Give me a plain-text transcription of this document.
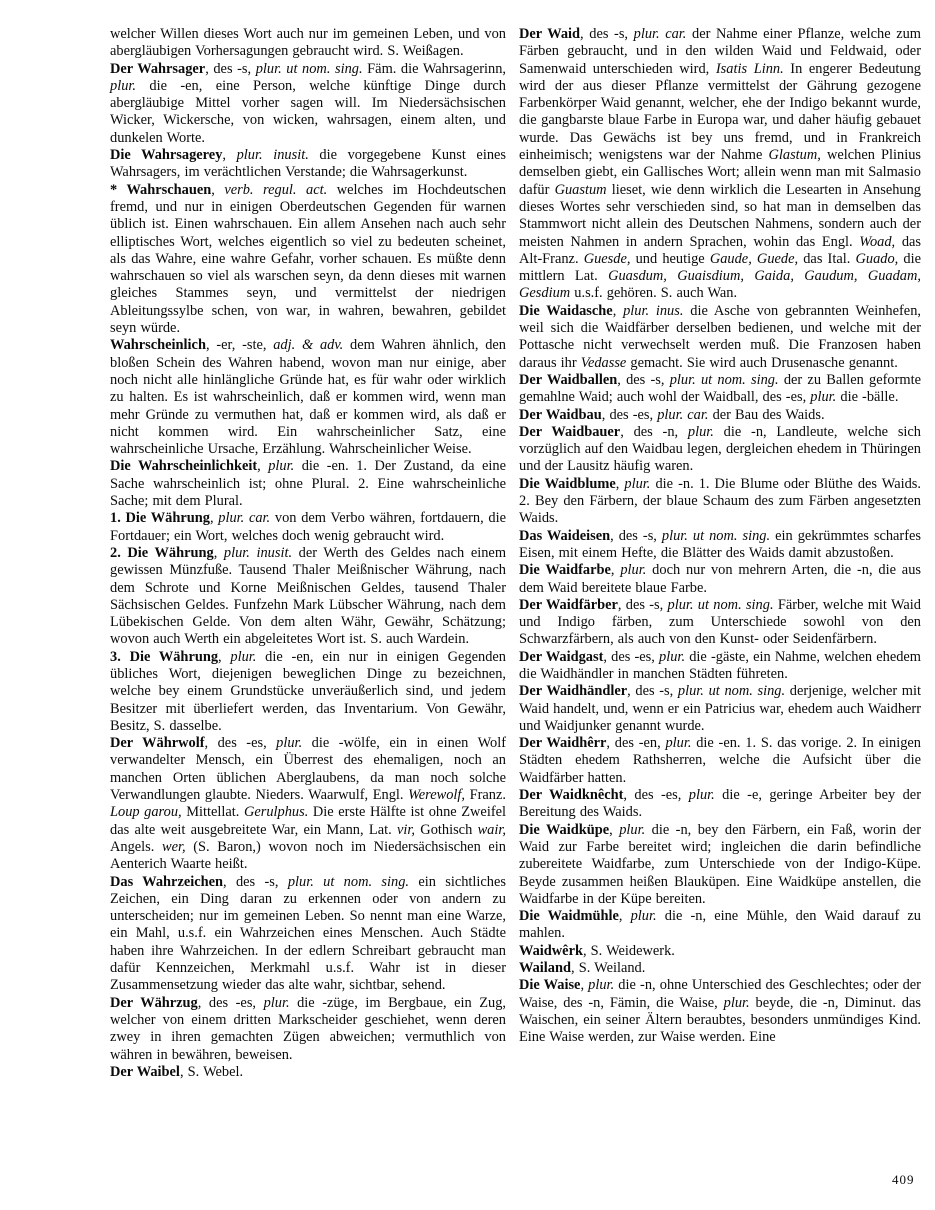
welcher Willen dieses Wort auch nur im gemeinen Leben, und von abergläubigen Vorhersagungen gebraucht wird. S. Weißagen.

Der Wahrsager, des -s, plur. ut nom. sing. Fäm. die Wahrsagerinn, plur. die -en, eine Person, welche künftige Dinge durch abergläubige Mittel vorher sagen will. Im Niedersächsischen Wicker, Wickersche, von wicken, wahrsagen, einem alten, und dunkelen Worte.

Die Wahrsagerey, plur. inusit. die vorgegebene Kunst eines Wahrsagers, im verächtlichen Verstande; die Wahrsagerkunst.

* Wahrschauen, verb. regul. act. welches im Hochdeutschen fremd, und nur in einigen Oberdeutschen Gegenden für warnen üblich ist. Einen wahrschauen. Ein allem Ansehen nach auch sehr elliptisches Wort, welches eigentlich so viel zu bedeuten scheinet, als das Wahre, eine wahre Gefahr, vorher schauen. Es müßte denn wahrschauen so viel als warschen seyn, da denn dieses mit warnen gleiches Stammes seyn, und vermittelst der niedrigen Ableitungssylbe schen, von war, in wahren, bewahren, gebildet seyn würde.

Wahrscheinlich, -er, -ste, adj. & adv. dem Wahren ähnlich, den bloßen Schein des Wahren habend, wovon man nur einige, aber noch nicht alle hinlängliche Gründe hat, es für wahr oder wirklich zu halten. Es ist wahrscheinlich, daß er kommen wird, wenn man mehr Gründe zu vermuthen hat, daß er kommen wird, als daß er nicht kommen wird. Ein wahrscheinlicher Satz, eine wahrscheinliche Ursache, Erzählung. Wahrscheinlicher Weise.

Die Wahrscheinlichkeit, plur. die -en. 1. Der Zustand, da eine Sache wahrscheinlich ist; ohne Plural. 2. Eine wahrscheinliche Sache; mit dem Plural.

1. Die Währung, plur. car. von dem Verbo währen, fortdauern, die Fortdauer; ein Wort, welches doch wenig gebraucht wird.

2. Die Währung, plur. inusit. der Werth des Geldes nach einem gewissen Münzfuße. Tausend Thaler Meißnischer Währung, nach dem Schrote und Korne Meißnischen Geldes, tausend Thaler Sächsischen Geldes. Funfzehn Mark Lübscher Währung, nach dem Lübekischen Gelde. Von dem alten Währ, Gewähr, Schätzung; wovon auch Werth ein abgeleitetes Wort ist. S. auch Wardein.

3. Die Währung, plur. die -en, ein nur in einigen Gegenden übliches Wort, diejenigen beweglichen Dinge zu bezeichnen, welche bey einem Grundstücke unveräußerlich sind, und jedem Besitzer mit überliefert werden, das Inventarium. Von Gewähr, Besitz, S. dasselbe.

Der Währwolf, des -es, plur. die -wölfe, ein in einen Wolf verwandelter Mensch, ein Überrest des ehemaligen, noch an manchen Orten üblichen Aberglaubens, da man noch solche Verwandlungen glaubte. Nieders. Waarwulf, Engl. Werewolf, Franz. Loup garou, Mittellat. Gerulphus. Die erste Hälfte ist ohne Zweifel das alte weit ausgebreitete War, ein Mann, Lat. vir, Gothisch wair, Angels. wer, (S. Baron,) wovon noch im Niedersächsischen ein Aenterich Waarte heißt.

Das Wahrzeichen, des -s, plur. ut nom. sing. ein sichtliches Zeichen, ein Ding daran zu erkennen oder von andern zu unterscheiden; nur im gemeinen Leben. So nennt man eine Warze, ein Mahl, u.s.f. ein Wahrzeichen eines Menschen. Auch Städte haben ihre Wahrzeichen. In der edlern Schreibart gebraucht man dafür Kennzeichen, Merkmahl u.s.f. Wahr ist in dieser Zusammensetzung wieder das alte wahr, sichtbar, sehend.

Der Währzug, des -es, plur. die -züge, im Bergbaue, ein Zug, welcher von einem dritten Markscheider geschiehet, wenn deren zwey in ihren gemachten Zügen abweichen; vermuthlich von währen in bewähren, beweisen.

Der Waibel, S. Webel.

Der Waid, des -s, plur. car. der Nahme einer Pflanze, welche zum Färben gebraucht, und in den wilden Waid und Feldwaid, oder Samenwaid unterschieden wird, Isatis Linn. In engerer Bedeutung wird der aus dieser Pflanze vermittelst der Gährung gezogene Farbenkörper Waid genannt, welcher, ehe der Indigo bekannt wurde, die gangbarste blaue Farbe in Europa war, und daher häufig gebauet wurde. Das Gewächs ist bey uns fremd, und in Frankreich einheimisch; wenigstens war der Nahme Glastum, welchen Plinius demselben giebt, ein Gallisches Wort; allein wenn man mit Salmasio dafür Guastum lieset, wie denn wirklich die Lesearten in Ansehung dieses Wortes sehr verschieden sind, so hat man in demselben das Stammwort nicht allein des Deutschen Nahmens, sondern auch der meisten Nahmen in andern Sprachen, wohin das Engl. Woad, das Alt-Franz. Guesde, und heutige Gaude, Guede, das Ital. Guado, die mittlern Lat. Guasdum, Guaisdium, Gaida, Gaudum, Guadam, Gesdium u.s.f. gehören. S. auch Wan.

Die Waidasche, plur. inus. die Asche von gebrannten Weinhefen, weil sich die Waidfärber derselben bedienen, und welche mit der Pottasche nicht verwechselt werden muß. Die Franzosen haben daraus ihr Vedasse gemacht. Sie wird auch Drusenasche genannt.

Der Waidballen, des -s, plur. ut nom. sing. der zu Ballen geformte gemahlne Waid; auch wohl der Waidball, des -es, plur. die -bälle.

Der Waidbau, des -es, plur. car. der Bau des Waids.

Der Waidbauer, des -n, plur. die -n, Landleute, welche sich vorzüglich auf den Waidbau legen, dergleichen ehedem in Thüringen und der Lausitz häufig waren.

Die Waidblume, plur. die -n. 1. Die Blume oder Blüthe des Waids. 2. Bey den Färbern, der blaue Schaum des zum Färben angesetzten Waids.

Das Waideisen, des -s, plur. ut nom. sing. ein gekrümmtes scharfes Eisen, mit einem Hefte, die Blätter des Waids damit abzustoßen.

Die Waidfarbe, plur. doch nur von mehrern Arten, die -n, die aus dem Waid bereitete blaue Farbe.

Der Waidfärber, des -s, plur. ut nom. sing. Färber, welche mit Waid und Indigo färben, zum Unterschiede sowohl von den Schwarzfärbern, als auch von den Kunst- oder Seidenfärbern.

Der Waidgast, des -es, plur. die -gäste, ein Nahme, welchen ehedem die Waidhändler in manchen Städten führeten.

Der Waidhändler, des -s, plur. ut nom. sing. derjenige, welcher mit Waid handelt, und, wenn er ein Patricius war, ehedem auch Waidherr und Waidjunker genannt wurde.

Der Waidhêrr, des -en, plur. die -en. 1. S. das vorige. 2. In einigen Städten ehedem Rathsherren, welche die Aufsicht über die Waidfärber hatten.

Der Waidknêcht, des -es, plur. die -e, geringe Arbeiter bey der Bereitung des Waids.

Die Waidküpe, plur. die -n, bey den Färbern, ein Faß, worin der Waid zur Farbe bereitet wird; ingleichen die darin befindliche zubereitete Waidfarbe, zum Unterschiede von der Indigo-Küpe. Beyde zusammen heißen Blauküpen. Eine Waidküpe anstellen, die Waidfarbe in der Küpe bereiten.

Die Waidmühle, plur. die -n, eine Mühle, den Waid darauf zu mahlen.

Waidwêrk, S. Weidewerk.

Wailand, S. Weiland.

Die Waise, plur. die -n, ohne Unterschied des Geschlechtes; oder der Waise, des -n, Fämin, die Waise, plur. beyde, die -n, Diminut. das Waischen, ein seiner Ältern beraubtes, besonders unmündiges Kind. Eine Waise werden, zur Waise werden. Eine

409
